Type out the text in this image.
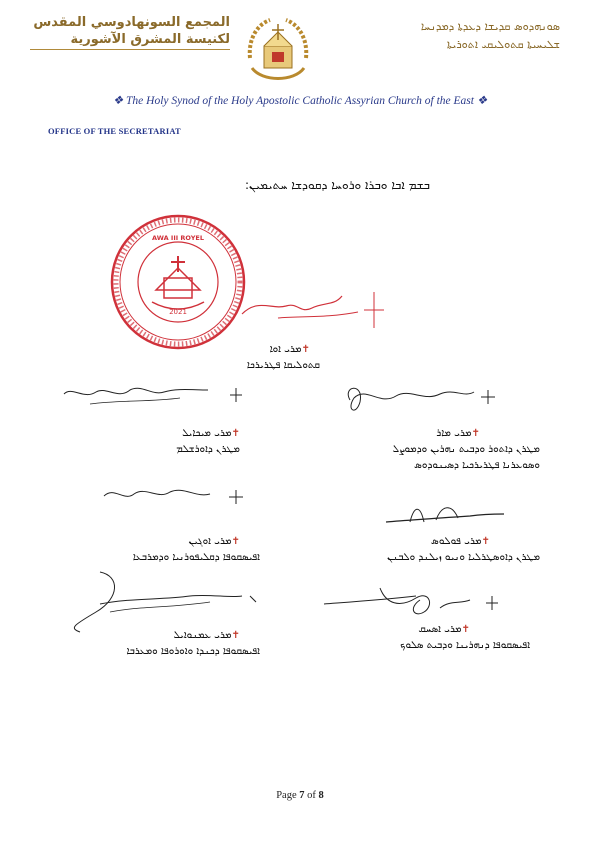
المجمع السونهادوسي المقدس
لكنيسة المشرق الآشورية
ܣܘܢܗܕܘܣ ܩܕܝܫܐ ܕܥܕܬܐ ܕܡܕܢܚܐ
ܫܠܝܚܝܬܐ ܩܬܘܠܝܩܝ ܐܬܘܪܝܬܐ
❖ The Holy Synod of the Holy Apostolic Catholic Assyrian Church of the East ❖
OFFICE OF THE SECRETARIAT
ܒܫܡ ܐܒܐ ܘܒܪܐ ܘܪܘܚܐ ܕܩܘܕܫܐ ܚܬܝܡܝܢ:
2021
AWA III ROYEL
✝ܡܪܝ ܐܘܐ
ܩܬܘܠܝܩܐ ܦܛܪܝܪܟܐ
✝ܡܪܝ ܡܝܟܐܝܠ
ܡܛܪܢ ܕܐܘܪܫܠܡ
✝ܡܪܝ ܡܐܪ
ܡܛܪܢ ܕܐܬܘܪ ܘܕܒܝܬ ܢܗܪܝܢ ܘܕܡܘܨܠ
ܘܣܘܥܪܢܐ ܦܛܪܝܪܟܝܐ ܕܣܝܢܘܕܘܣ
✝ܡܪܝ ܐܘܓܝܢ
ܐܦܝܣܩܘܦܐ ܕܩܠܝܦܘܪܢܝܐ ܘܕܡܪܒܥܐ
✝ܡܪܝ ܦܘܠܘܣ
ܡܛܪܢ ܕܐܘܣܛܪܠܝܐ ܘܢܝܘ ܙܝܠܢܕ ܘܠܒܢܢ
✝ܡܪܝ ܥܡܢܘܐܝܠ
ܐܦܝܣܩܘܦܐ ܕܟܢܕܐ ܘܐܘܪܘܦܐ ܘܡܥܪܒܐ
✝ܡܪܝ ܐܣܚܩ
ܐܦܝܣܩܘܦܐ ܕܢܗܪܝܢܐ ܘܕܒܝܬ ܣܠܘܟ
Page 7 of 8
